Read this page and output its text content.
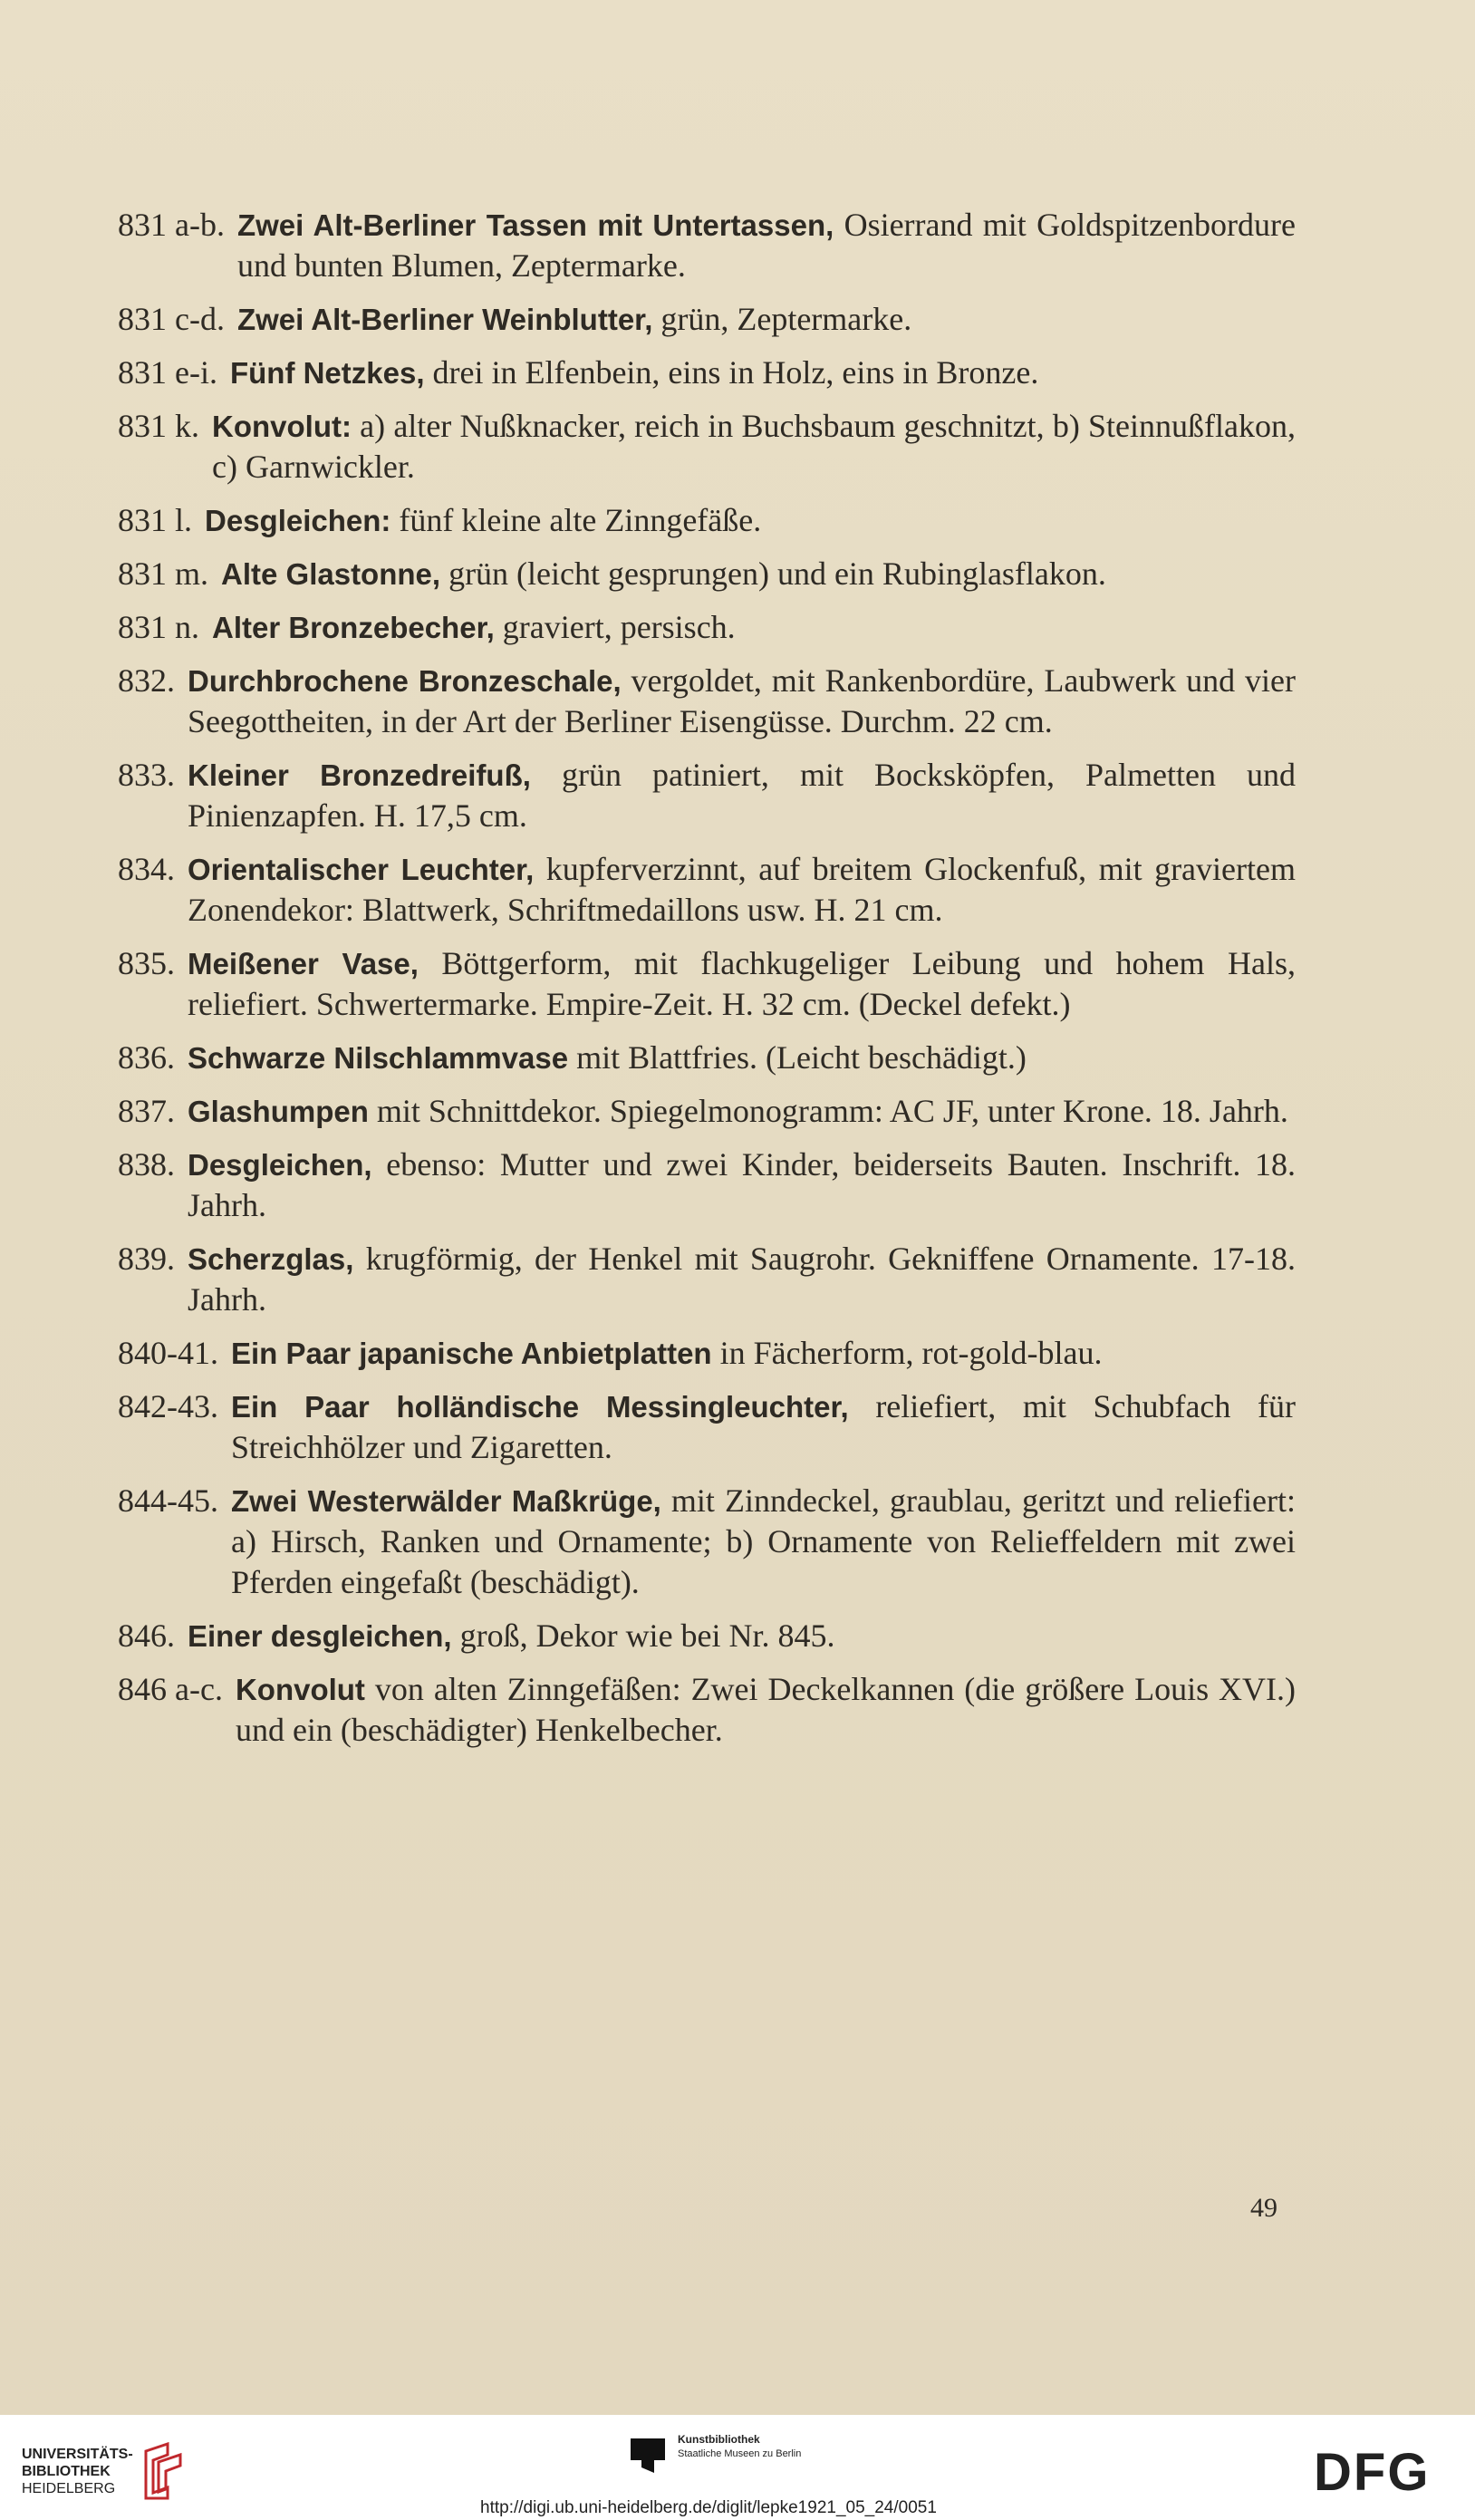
831 a-b. Zwei Alt-Berliner Tassen mit Untertassen, Osierrand mit Goldspitzenbordure und bunten Blumen, Zeptermarke.
831 c-d. Zwei Alt-Berliner Weinblutter, grün, Zeptermarke.
831 e-i. Fünf Netzkes, drei in Elfenbein, eins in Holz, eins in Bronze.
831 k. Konvolut: a) alter Nußknacker, reich in Buchsbaum geschnitzt, b) Steinnußflakon, c) Garnwickler.
831 l. Desgleichen: fünf kleine alte Zinngefäße.
831 m. Alte Glastonne, grün (leicht gesprungen) und ein Rubinglasflakon.
831 n. Alter Bronzebecher, graviert, persisch.
832. Durchbrochene Bronzeschale, vergoldet, mit Rankenbordüre, Laubwerk und vier Seegottheiten, in der Art der Berliner Eisengüsse. Durchm. 22 cm.
833. Kleiner Bronzedreifuß, grün patiniert, mit Bocksköpfen, Palmetten und Pinienzapfen. H. 17,5 cm.
834. Orientalischer Leuchter, kupferverzinnt, auf breitem Glockenfuß, mit graviertem Zonendekor: Blattwerk, Schriftmedaillons usw. H. 21 cm.
835. Meißener Vase, Böttgerform, mit flachkugeliger Leibung und hohem Hals, reliefiert. Schwertermarke. Empire-Zeit. H. 32 cm. (Deckel defekt.)
836. Schwarze Nilschlammvase mit Blattfries. (Leicht beschädigt.)
837. Glashumpen mit Schnittdekor. Spiegelmonogramm: AC JF, unter Krone. 18. Jahrh.
838. Desgleichen, ebenso: Mutter und zwei Kinder, beiderseits Bauten. Inschrift. 18. Jahrh.
839. Scherzglas, krugförmig, der Henkel mit Saugrohr. Gekniffene Ornamente. 17-18. Jahrh.
840-41. Ein Paar japanische Anbietplatten in Fächerform, rot-gold-blau.
842-43. Ein Paar holländische Messingleuchter, reliefiert, mit Schubfach für Streichhölzer und Zigaretten.
844-45. Zwei Westerwälder Maßkrüge, mit Zinndeckel, graublau, geritzt und reliefiert: a) Hirsch, Ranken und Ornamente; b) Ornamente von Relieffeldern mit zwei Pferden eingefaßt (beschädigt).
846. Einer desgleichen, groß, Dekor wie bei Nr. 845.
846 a-c. Konvolut von alten Zinngefäßen: Zwei Deckelkannen (die größere Louis XVI.) und ein (beschädigter) Henkelbecher.
49
UNIVERSITÄTS-
BIBLIOTHEK
HEIDELBERG
Kunstbibliothek
Staatliche Museen zu Berlin	DFG
http://digi.ub.uni-heidelberg.de/diglit/lepke1921_05_24/0051
